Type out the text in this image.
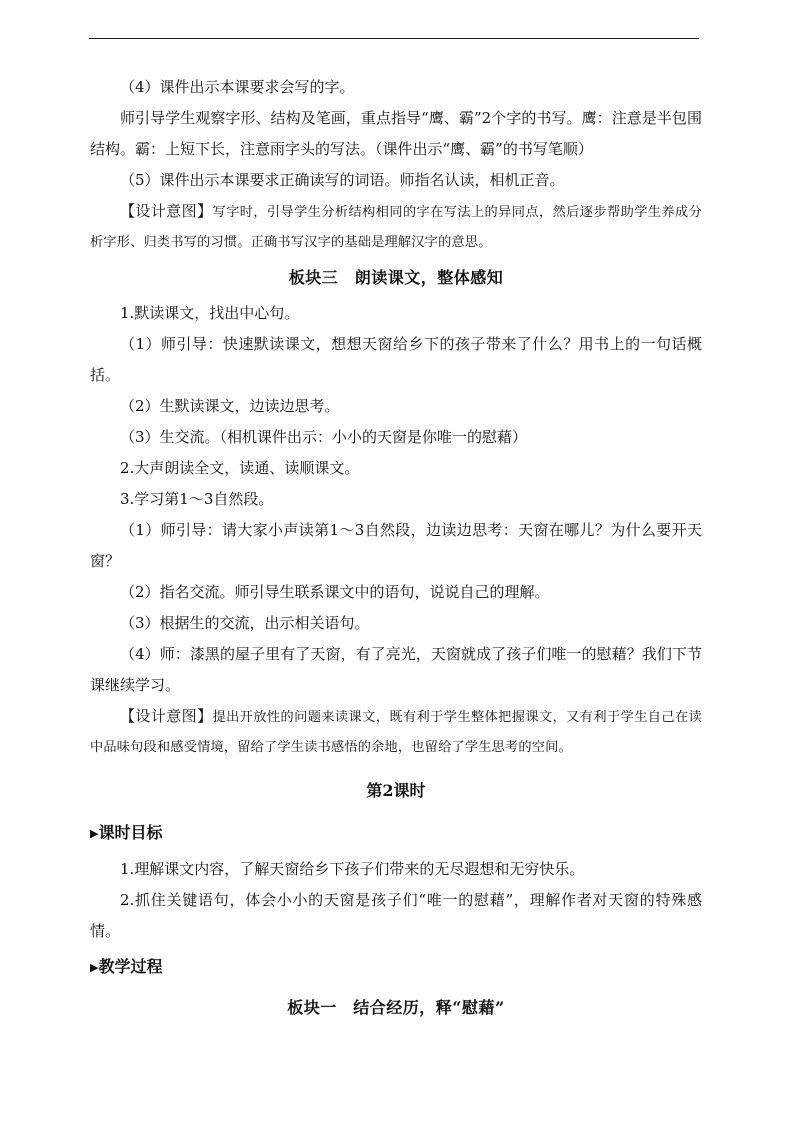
（4）课件出示本课要求会写的字。

师引导学生观察字形、结构及笔画，重点指导“鹰、霸”2个字的书写。鹰：注意是半包围结构。霸：上短下长，注意雨字头的写法。（课件出示“鹰、霸”的书写笔顺）

（5）课件出示本课要求正确读写的词语。师指名认读，相机正音。

【设计意图】写字时，引导学生分析结构相同的字在写法上的异同点，然后逐步帮助学生养成分析字形、归类书写的习惯。正确书写汉字的基础是理解汉字的意思。

板块三　朗读课文，整体感知

1.默读课文，找出中心句。

（1）师引导：快速默读课文，想想天窗给乡下的孩子带来了什么？用书上的一句话概括。

（2）生默读课文，边读边思考。

（3）生交流。（相机课件出示：小小的天窗是你唯一的慰藉）

2.大声朗读全文，读通、读顺课文。

3.学习第1～3自然段。

（1）师引导：请大家小声读第1～3自然段，边读边思考：天窗在哪儿？为什么要开天窗？

（2）指名交流。师引导生联系课文中的语句，说说自己的理解。

（3）根据生的交流，出示相关语句。

（4）师：漆黑的屋子里有了天窗，有了亮光，天窗就成了孩子们唯一的慰藉？我们下节课继续学习。

【设计意图】提出开放性的问题来读课文，既有利于学生整体把握课文，又有利于学生自己在读中品味句段和感受情境，留给了学生读书感悟的余地，也留给了学生思考的空间。

第2课时
▶课时目标

1.理解课文内容，了解天窗给乡下孩子们带来的无尽遐想和无穷快乐。

2.抓住关键语句，体会小小的天窗是孩子们“唯一的慰藉”，理解作者对天窗的特殊感情。

▶教学过程
板块一　结合经历，释“慰藉”
